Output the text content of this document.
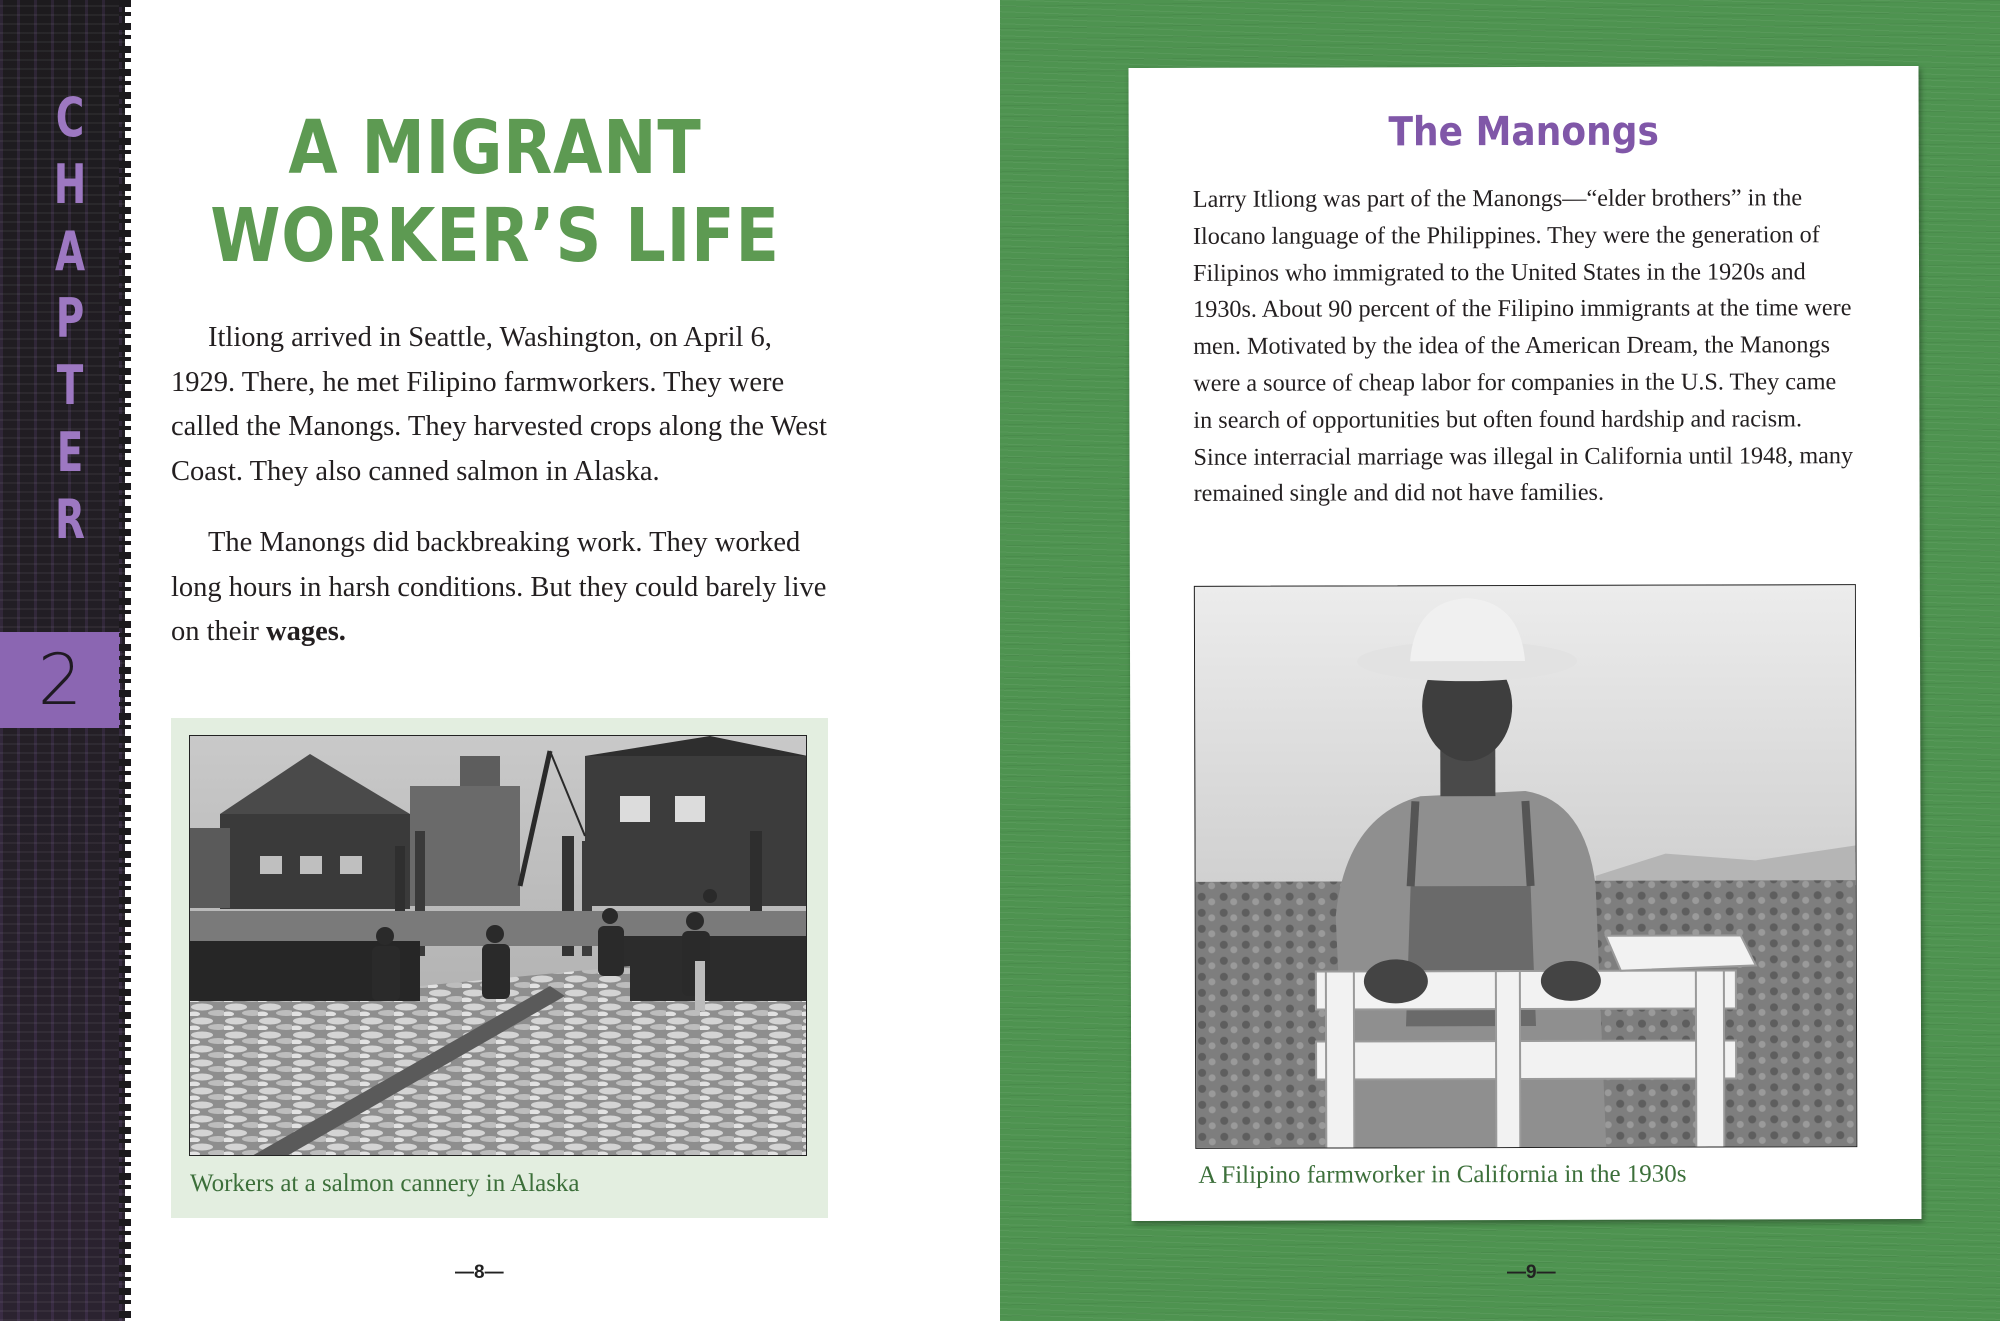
C
H
A
P
T
E
R
2
A MIGRANT
WORKER’S LIFE

Itliong arrived in Seattle, Washington, on April 6, 1929. There, he met Filipino farmworkers. They were called the Manongs. They harvested crops along the West Coast. They also canned salmon in Alaska.

The Manongs did backbreaking work. They worked long hours in harsh conditions. But they could barely live on their wages.

Workers at a salmon cannery in Alaska

—8—
The Manongs

Larry Itliong was part of the Manongs—“elder brothers” in the Ilocano language of the Philippines. They were the generation of Filipinos who immigrated to the United States in the 1920s and 1930s. About 90 percent of the Filipino immigrants at the time were men. Motivated by the idea of the American Dream, the Manongs were a source of cheap labor for companies in the U.S. They came in search of opportunities but often found hardship and racism. Since interracial marriage was illegal in California until 1948, many remained single and did not have families.

A Filipino farmworker in California in the 1930s

—9—
